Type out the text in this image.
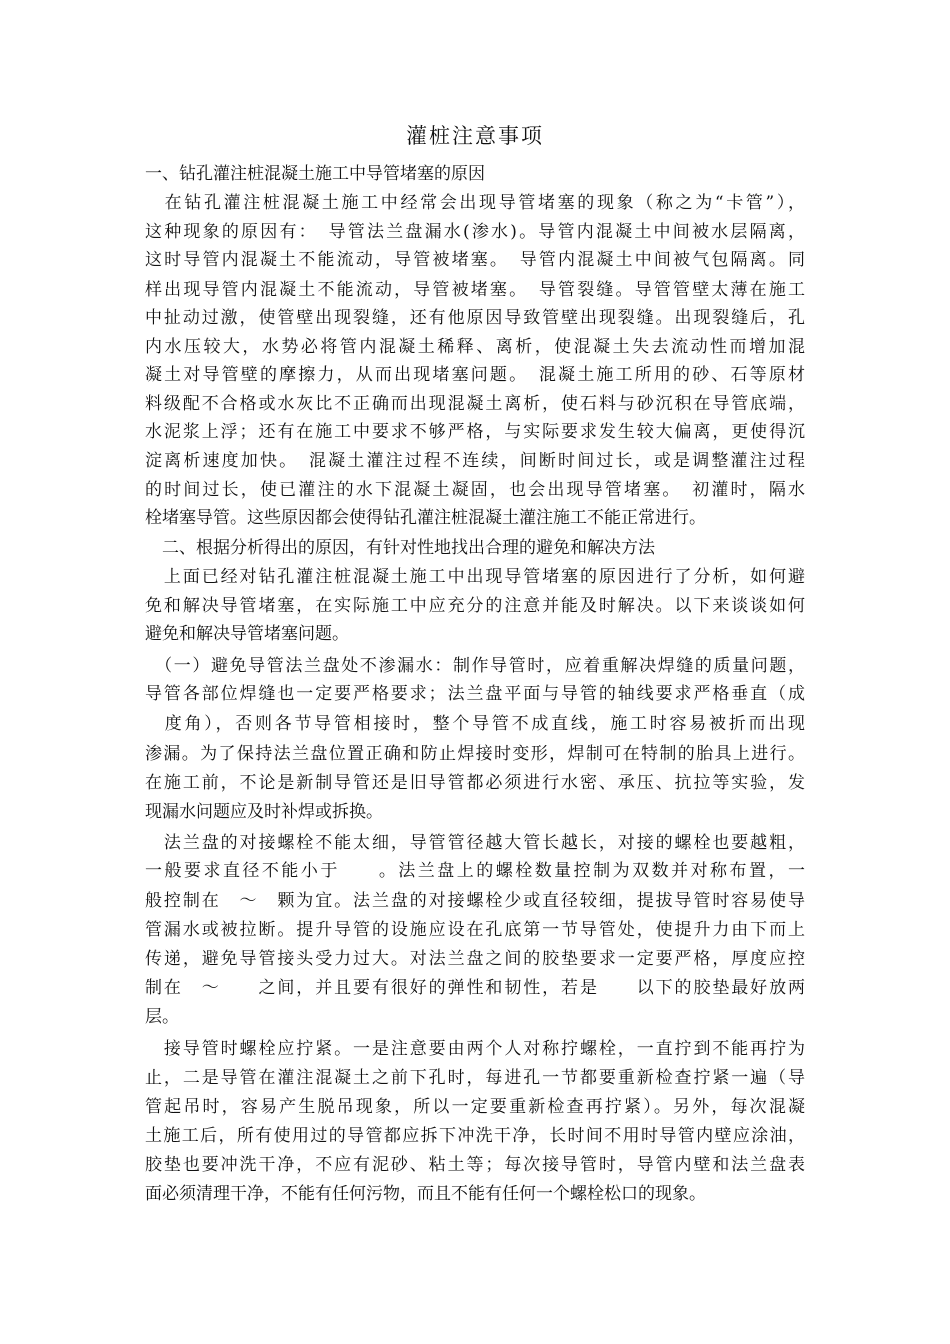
灌桩注意事项
一、钻孔灌注桩混凝土施工中导管堵塞的原因
　在钻孔灌注桩混凝土施工中经常会出现导管堵塞的现象（称之为“卡管”），
这种现象的原因有：　导管法兰盘漏水(渗水)。导管内混凝土中间被水层隔离，
这时导管内混凝土不能流动，导管被堵塞。　导管内混凝土中间被气包隔离。同
样出现导管内混凝土不能流动，导管被堵塞。　导管裂缝。导管管壁太薄在施工
中扯动过激，使管壁出现裂缝，还有他原因导致管壁出现裂缝。出现裂缝后，孔
内水压较大，水势必将管内混凝土稀释、离析，使混凝土失去流动性而增加混
凝土对导管壁的摩擦力，从而出现堵塞问题。　混凝土施工所用的砂、石等原材
料级配不合格或水灰比不正确而出现混凝土离析，使石料与砂沉积在导管底端，
水泥浆上浮；还有在施工中要求不够严格，与实际要求发生较大偏离，更使得沉
淀离析速度加快。　混凝土灌注过程不连续，间断时间过长，或是调整灌注过程
的时间过长，使已灌注的水下混凝土凝固，也会出现导管堵塞。　初灌时，隔水
栓堵塞导管。这些原因都会使得钻孔灌注桩混凝土灌注施工不能正常进行。
　二、根据分析得出的原因，有针对性地找出合理的避免和解决方法
　上面已经对钻孔灌注桩混凝土施工中出现导管堵塞的原因进行了分析，如何避
免和解决导管堵塞，在实际施工中应充分的注意并能及时解决。以下来谈谈如何
避免和解决导管堵塞问题。
　（一）避免导管法兰盘处不渗漏水：制作导管时，应着重解决焊缝的质量问题，
导管各部位焊缝也一定要严格要求；法兰盘平面与导管的轴线要求严格垂直（成
　度角），否则各节导管相接时，整个导管不成直线，施工时容易被折而出现
渗漏。为了保持法兰盘位置正确和防止焊接时变形，焊制可在特制的胎具上进行。
在施工前，不论是新制导管还是旧导管都必须进行水密、承压、抗拉等实验，发
现漏水问题应及时补焊或拆换。
　法兰盘的对接螺栓不能太细，导管管径越大管长越长，对接的螺栓也要越粗，
一般要求直径不能小于　　。法兰盘上的螺栓数量控制为双数并对称布置，一
般控制在　～　颗为宜。法兰盘的对接螺栓少或直径较细，提拔导管时容易使导
管漏水或被拉断。提升导管的设施应设在孔底第一节导管处，使提升力由下而上
传递，避免导管接头受力过大。对法兰盘之间的胶垫要求一定要严格，厚度应控
制在　～　　之间，并且要有很好的弹性和韧性，若是　　以下的胶垫最好放两
层。
　接导管时螺栓应拧紧。一是注意要由两个人对称拧螺栓，一直拧到不能再拧为
止，二是导管在灌注混凝土之前下孔时，每进孔一节都要重新检查拧紧一遍（导
管起吊时，容易产生脱吊现象，所以一定要重新检查再拧紧）。另外，每次混凝
土施工后，所有使用过的导管都应拆下冲洗干净，长时间不用时导管内壁应涂油，
胶垫也要冲洗干净，不应有泥砂、粘土等；每次接导管时，导管内壁和法兰盘表
面必须清理干净，不能有任何污物，而且不能有任何一个螺栓松口的现象。
